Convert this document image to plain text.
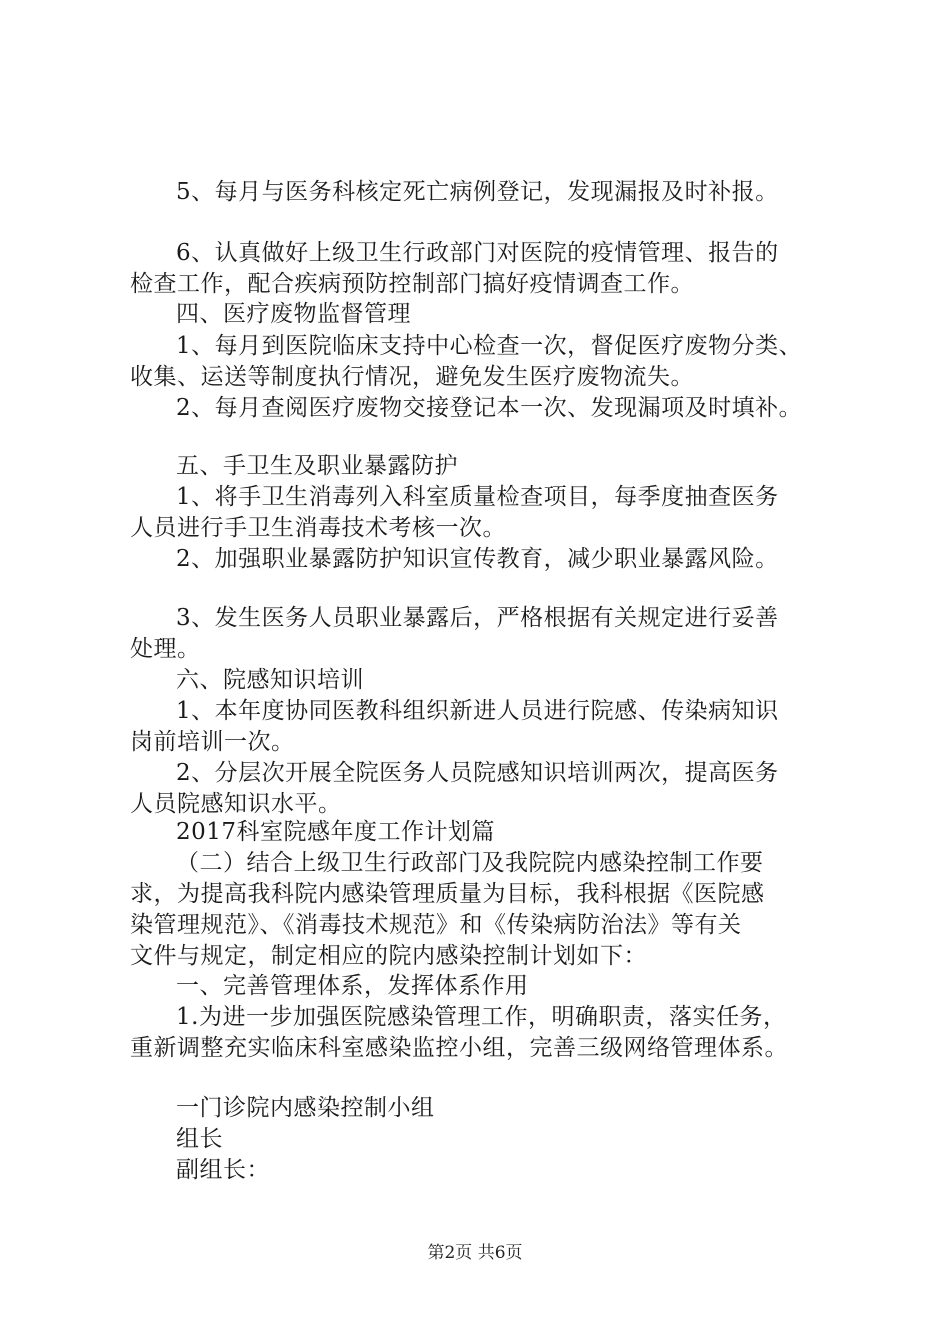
5、每月与医务科核定死亡病例登记，发现漏报及时补报。
6、认真做好上级卫生行政部门对医院的疫情管理、报告的
检查工作，配合疾病预防控制部门搞好疫情调查工作。
四、医疗废物监督管理
1、每月到医院临床支持中心检查一次，督促医疗废物分类、
收集、运送等制度执行情况，避免发生医疗废物流失。
2、每月查阅医疗废物交接登记本一次、发现漏项及时填补。
五、手卫生及职业暴露防护
1、将手卫生消毒列入科室质量检查项目，每季度抽查医务
人员进行手卫生消毒技术考核一次。
2、加强职业暴露防护知识宣传教育，减少职业暴露风险。
3、发生医务人员职业暴露后，严格根据有关规定进行妥善
处理。
六、院感知识培训
1、本年度协同医教科组织新进人员进行院感、传染病知识
岗前培训一次。
2、分层次开展全院医务人员院感知识培训两次，提高医务
人员院感知识水平。
2017科室院感年度工作计划篇
（二）结合上级卫生行政部门及我院院内感染控制工作要
求，为提高我科院内感染管理质量为目标，我科根据《医院感
染管理规范》、《消毒技术规范》和《传染病防治法》等有关
文件与规定，制定相应的院内感染控制计划如下：
一、完善管理体系，发挥体系作用
1.为进一步加强医院感染管理工作，明确职责，落实任务，
重新调整充实临床科室感染监控小组，完善三级网络管理体系。
一门诊院内感染控制小组
组长
副组长：
第2页 共6页
